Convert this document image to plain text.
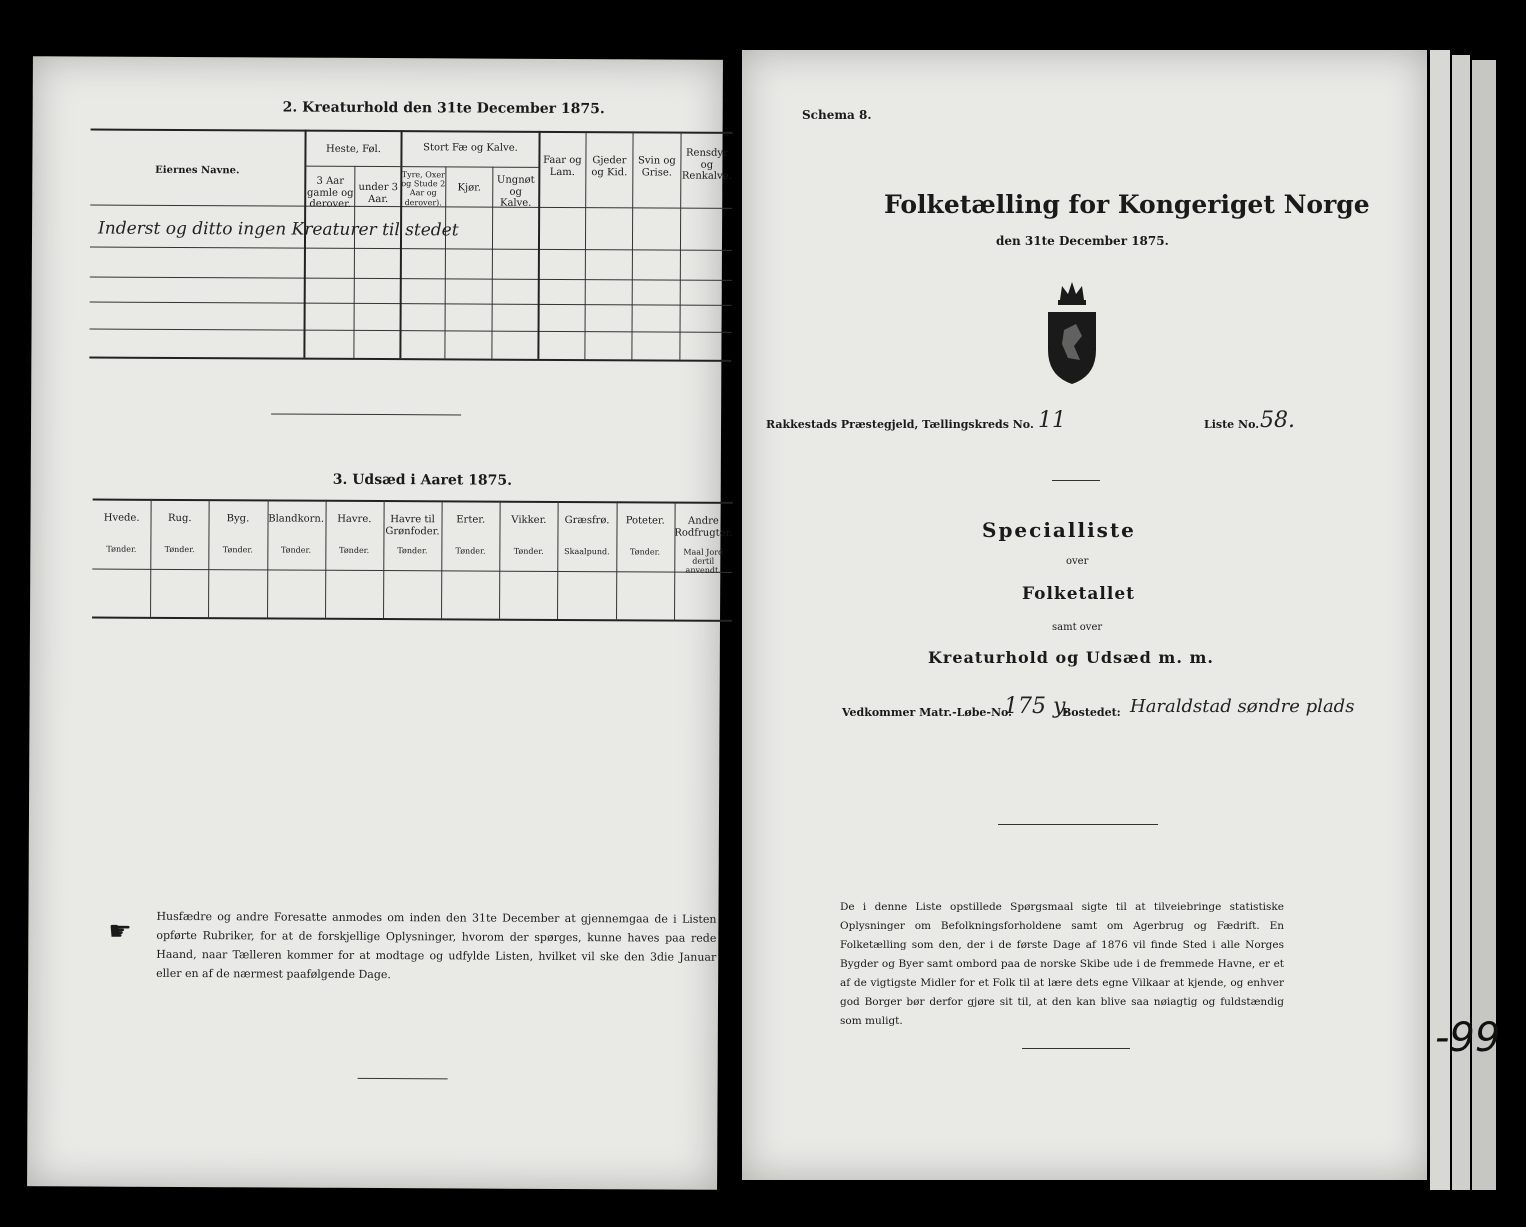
2. Kreaturhold den 31te December 1875.
Eiernes Navne.
Heste, Føl.
3 Aar gamle og derover.
under 3 Aar.
Stort Fæ og Kalve.
Tyre, Oxer og Stude 2 Aar og derover).
Kjør.
Ungnøt og Kalve.
Faar og Lam.
Gjeder og Kid.
Svin og Grise.
Rensdyr og Renkalve.
Inderst og ditto ingen Kreaturer til stedet
3. Udsæd i Aaret 1875.
☛ Husfædre og andre Foresatte anmodes om inden den 31te December at gjennemgaa de i Listen opførte Rubriker, for at de forskjellige Oplysninger, hvorom der spørges, kunne haves paa rede Haand, naar Tælleren kommer for at modtage og udfylde Listen, hvilket vil ske den 3die Januar eller en af de nærmest paafølgende Dage.
Hvede.
Tønder.
Rug.
Tønder.
Byg.
Tønder.
Blandkorn.
Tønder.
Havre.
Tønder.
Havre til Grønfoder.
Tønder.
Erter.
Tønder.
Vikker.
Tønder.
Græsfrø.
Skaalpund.
Poteter.
Tønder.
Andre Rodfrugter.
Maal Jord dertil anvendt.
Schema 8.
Folketælling for Kongeriget Norge
den 31te December 1875.
Rakkestads Præstegjeld, Tællingskreds No. 11	Liste No. 58.
Specialliste
over
Folketallet
samt over
Kreaturhold og Udsæd m. m.
Vedkommer Matr.-Løbe-No.
175 y.
Bostedet: Haraldstad søndre plads
De i denne Liste opstillede Spørgsmaal sigte til at tilveiebringe statistiske Oplysninger om Befolkningsforholdene samt om Agerbrug og Fædrift. En Folketælling som den, der i de første Dage af 1876 vil finde Sted i alle Norges Bygder og Byer samt ombord paa de norske Skibe ude i de fremmede Havne, er et af de vigtigste Midler for et Folk til at lære dets egne Vilkaar at kjende, og enhver god Borger bør derfor gjøre sit til, at den kan blive saa nøiagtig og fuldstændig som muligt.	-99
